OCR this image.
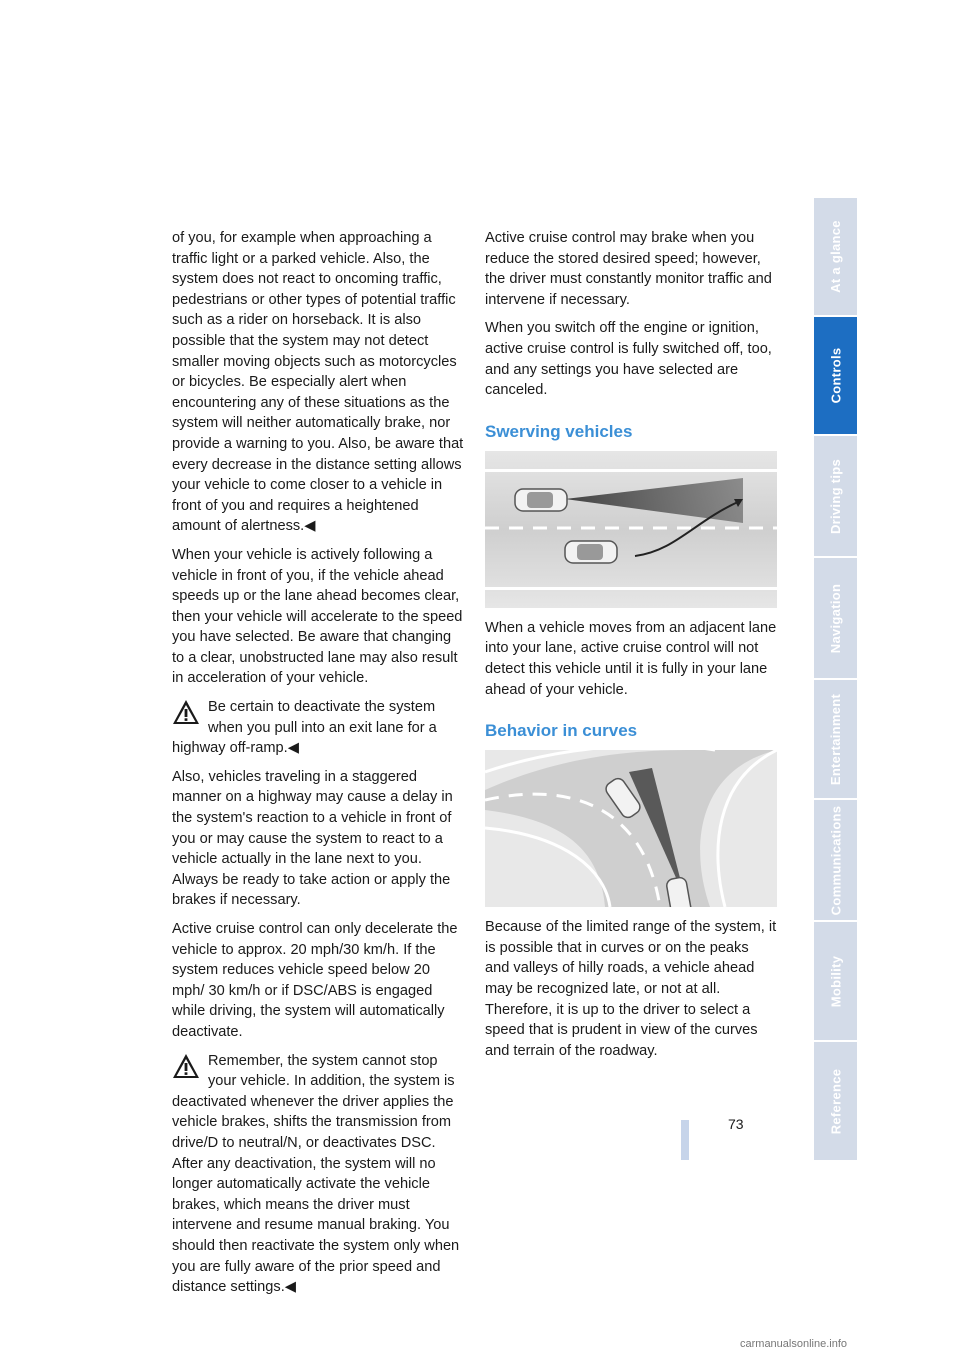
of you, for example when approaching a traffic light or a parked vehicle. Also, the system does not react to oncoming traffic, pedestrians or other types of potential traffic such as a rider on horseback. It is also possible that the system may not detect smaller moving objects such as motorcycles or bicycles. Be especially alert when encountering any of these situations as the system will neither automatically brake, nor provide a warning to you. Also, be aware that every decrease in the distance setting allows your vehicle to come closer to a vehicle in front of you and requires a heightened amount of alertness.◀

When your vehicle is actively following a vehicle in front of you, if the vehicle ahead speeds up or the lane ahead becomes clear, then your vehicle will accelerate to the speed you have selected. Be aware that changing to a clear, unobstructed lane may also result in acceleration of your vehicle.

Be certain to deactivate the system when you pull into an exit lane for a highway off-ramp.◀

Also, vehicles traveling in a staggered manner on a highway may cause a delay in the system's reaction to a vehicle in front of you or may cause the system to react to a vehicle actually in the lane next to you. Always be ready to take action or apply the brakes if necessary.

Active cruise control can only decelerate the vehicle to approx. 20 mph/30 km/h. If the system reduces vehicle speed below 20 mph/ 30 km/h or if DSC/ABS is engaged while driving, the system will automatically deactivate.

Remember, the system cannot stop your vehicle. In addition, the system is deactivated whenever the driver applies the vehicle brakes, shifts the transmission from drive/D to neutral/N, or deactivates DSC. After any deactivation, the system will no longer automatically activate the vehicle brakes, which means the driver must intervene and resume manual braking. You should then reactivate the system only when you are fully aware of the prior speed and distance settings.◀

Active cruise control may brake when you reduce the stored desired speed; however, the driver must constantly monitor traffic and intervene if necessary.

When you switch off the engine or ignition, active cruise control is fully switched off, too, and any settings you have selected are canceled.

Swerving vehicles

When a vehicle moves from an adjacent lane into your lane, active cruise control will not detect this vehicle until it is fully in your lane ahead of your vehicle.

Behavior in curves

Because of the limited range of the system, it is possible that in curves or on the peaks and valleys of hilly roads, a vehicle ahead may be recognized late, or not at all. Therefore, it is up to the driver to select a speed that is prudent in view of the curves and terrain of the roadway.

At a glance
Controls
Driving tips
Navigation
Entertainment
Communications
Mobility
Reference
73
carmanualsonline.info
